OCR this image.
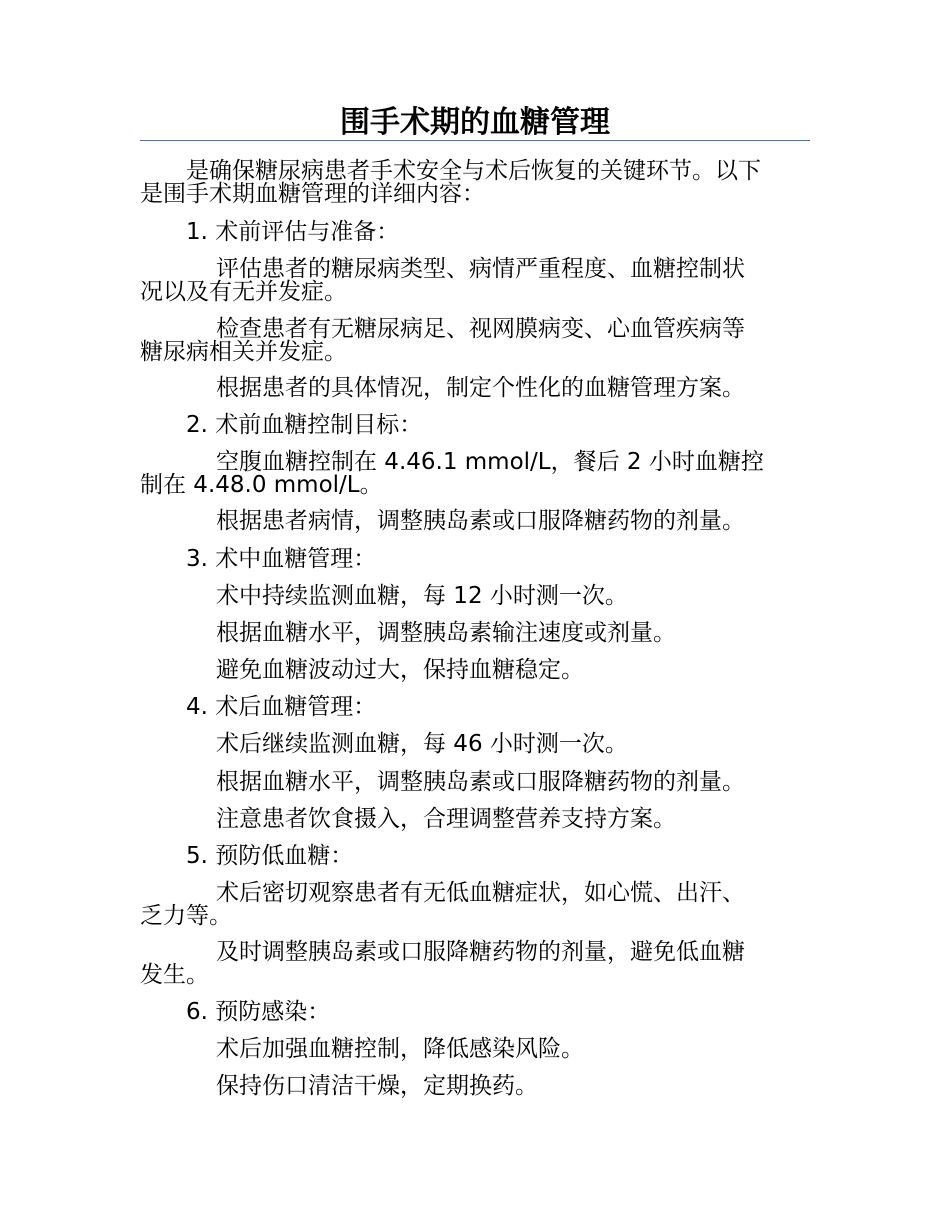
围手术期的血糖管理
是确保糖尿病患者手术安全与术后恢复的关键环节。以下
是围手术期血糖管理的详细内容：
1. 术前评估与准备：
评估患者的糖尿病类型、病情严重程度、血糖控制状
况以及有无并发症。
检查患者有无糖尿病足、视网膜病变、心血管疾病等
糖尿病相关并发症。
根据患者的具体情况，制定个性化的血糖管理方案。
2. 术前血糖控制目标：
空腹血糖控制在 4.46.1 mmol/L，餐后 2 小时血糖控
制在 4.48.0 mmol/L。
根据患者病情，调整胰岛素或口服降糖药物的剂量。
3. 术中血糖管理：
术中持续监测血糖，每 12 小时测一次。
根据血糖水平，调整胰岛素输注速度或剂量。
避免血糖波动过大，保持血糖稳定。
4. 术后血糖管理：
术后继续监测血糖，每 46 小时测一次。
根据血糖水平，调整胰岛素或口服降糖药物的剂量。
注意患者饮食摄入，合理调整营养支持方案。
5. 预防低血糖：
术后密切观察患者有无低血糖症状，如心慌、出汗、
乏力等。
及时调整胰岛素或口服降糖药物的剂量，避免低血糖
发生。
6. 预防感染：
术后加强血糖控制，降低感染风险。
保持伤口清洁干燥，定期换药。
